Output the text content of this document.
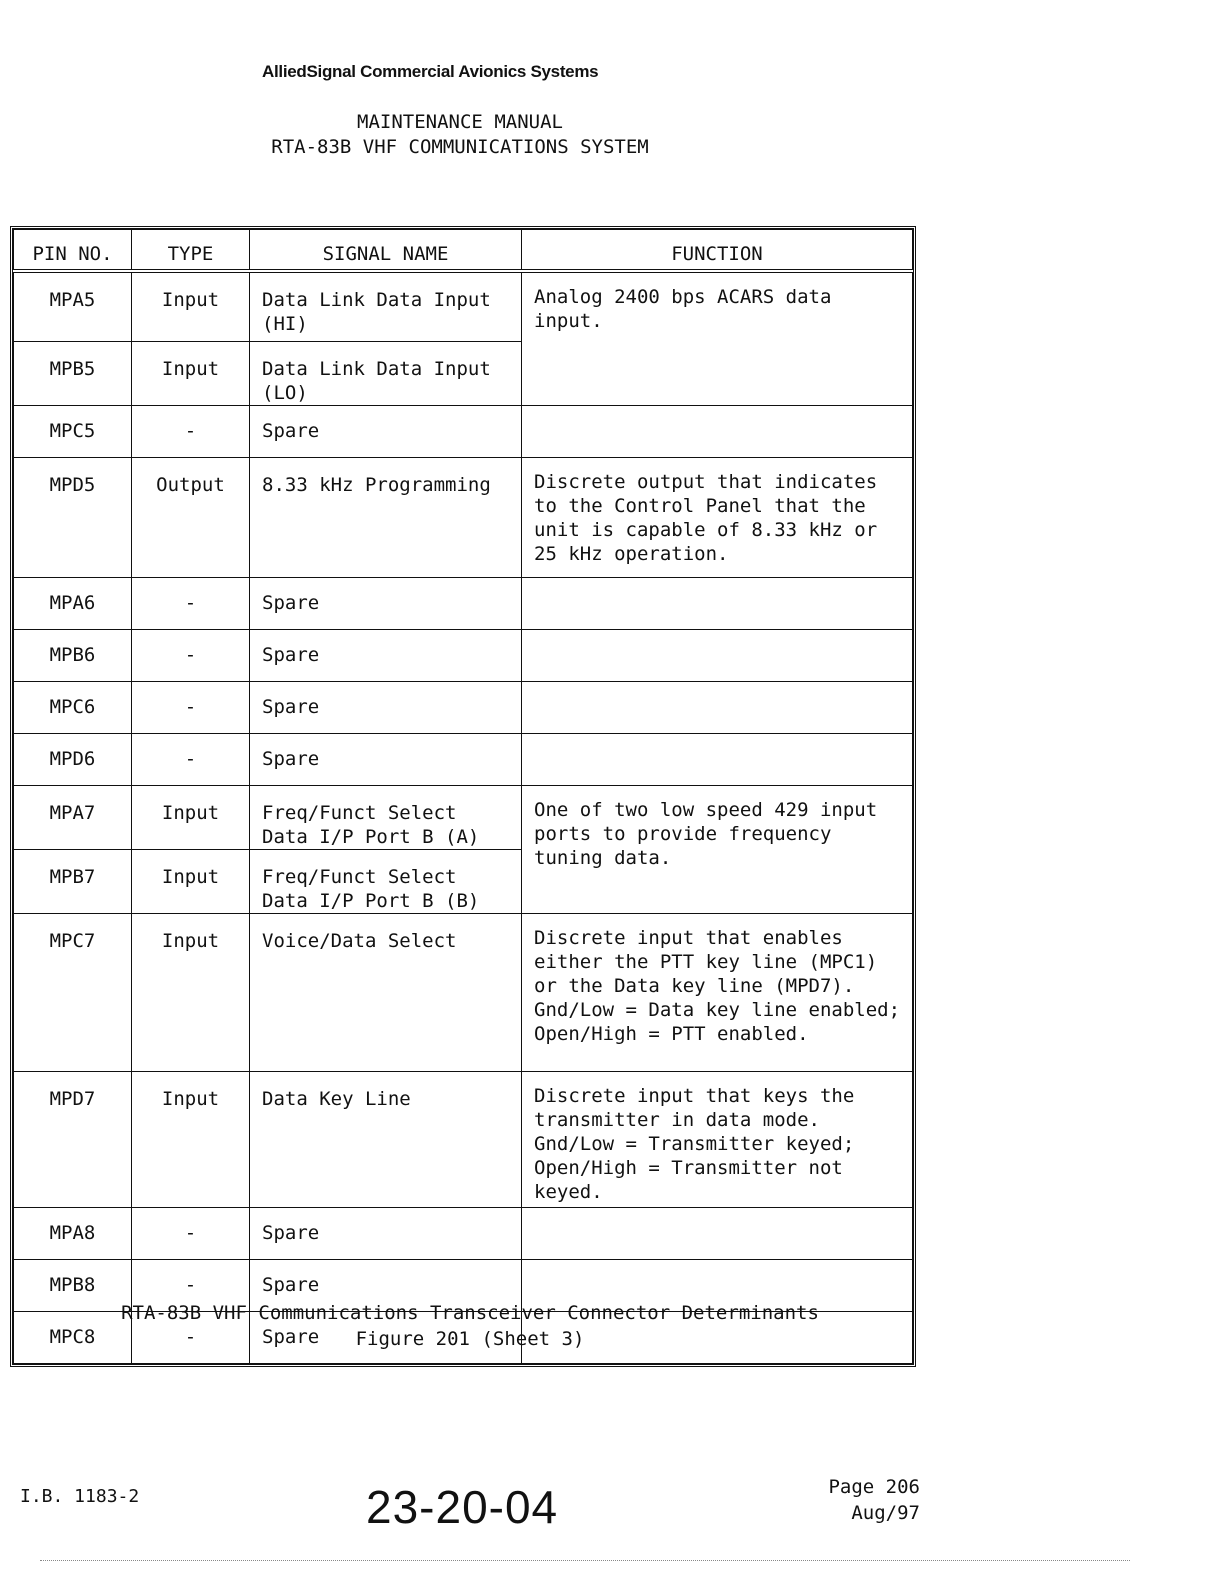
AlliedSignal Commercial Avionics Systems
MAINTENANCE MANUAL
RTA-83B VHF COMMUNICATIONS SYSTEM
PIN NO.	TYPE	SIGNAL NAME	FUNCTION
MPA5	Input	Data Link Data Input (HI)	Analog 2400 bps ACARS data input.
MPB5	Input	Data Link Data Input (LO)	
MPC5	-	Spare	
MPD5	Output	8.33 kHz Programming	Discrete output that indicates to the Control Panel that the unit is capable of 8.33 kHz or 25 kHz operation.
MPA6	-	Spare	
MPB6	-	Spare	
MPC6	-	Spare	
MPD6	-	Spare	
MPA7	Input	Freq/Funct Select Data I/P Port B (A)	One of two low speed 429 input ports to provide frequency tuning data.
MPB7	Input	Freq/Funct Select Data I/P Port B (B)	
MPC7	Input	Voice/Data Select	Discrete input that enables either the PTT key line (MPC1) or the Data key line (MPD7). Gnd/Low = Data key line enabled; Open/High = PTT enabled.
MPD7	Input	Data Key Line	Discrete input that keys the transmitter in data mode. Gnd/Low = Transmitter keyed; Open/High = Transmitter not keyed.
MPA8	-	Spare	
MPB8	-	Spare	
MPC8	-	Spare	
RTA-83B VHF Communications Transceiver Connector Determinants
Figure 201 (Sheet 3)
I.B. 1183-2	23-20-04	Page 206
Aug/97
